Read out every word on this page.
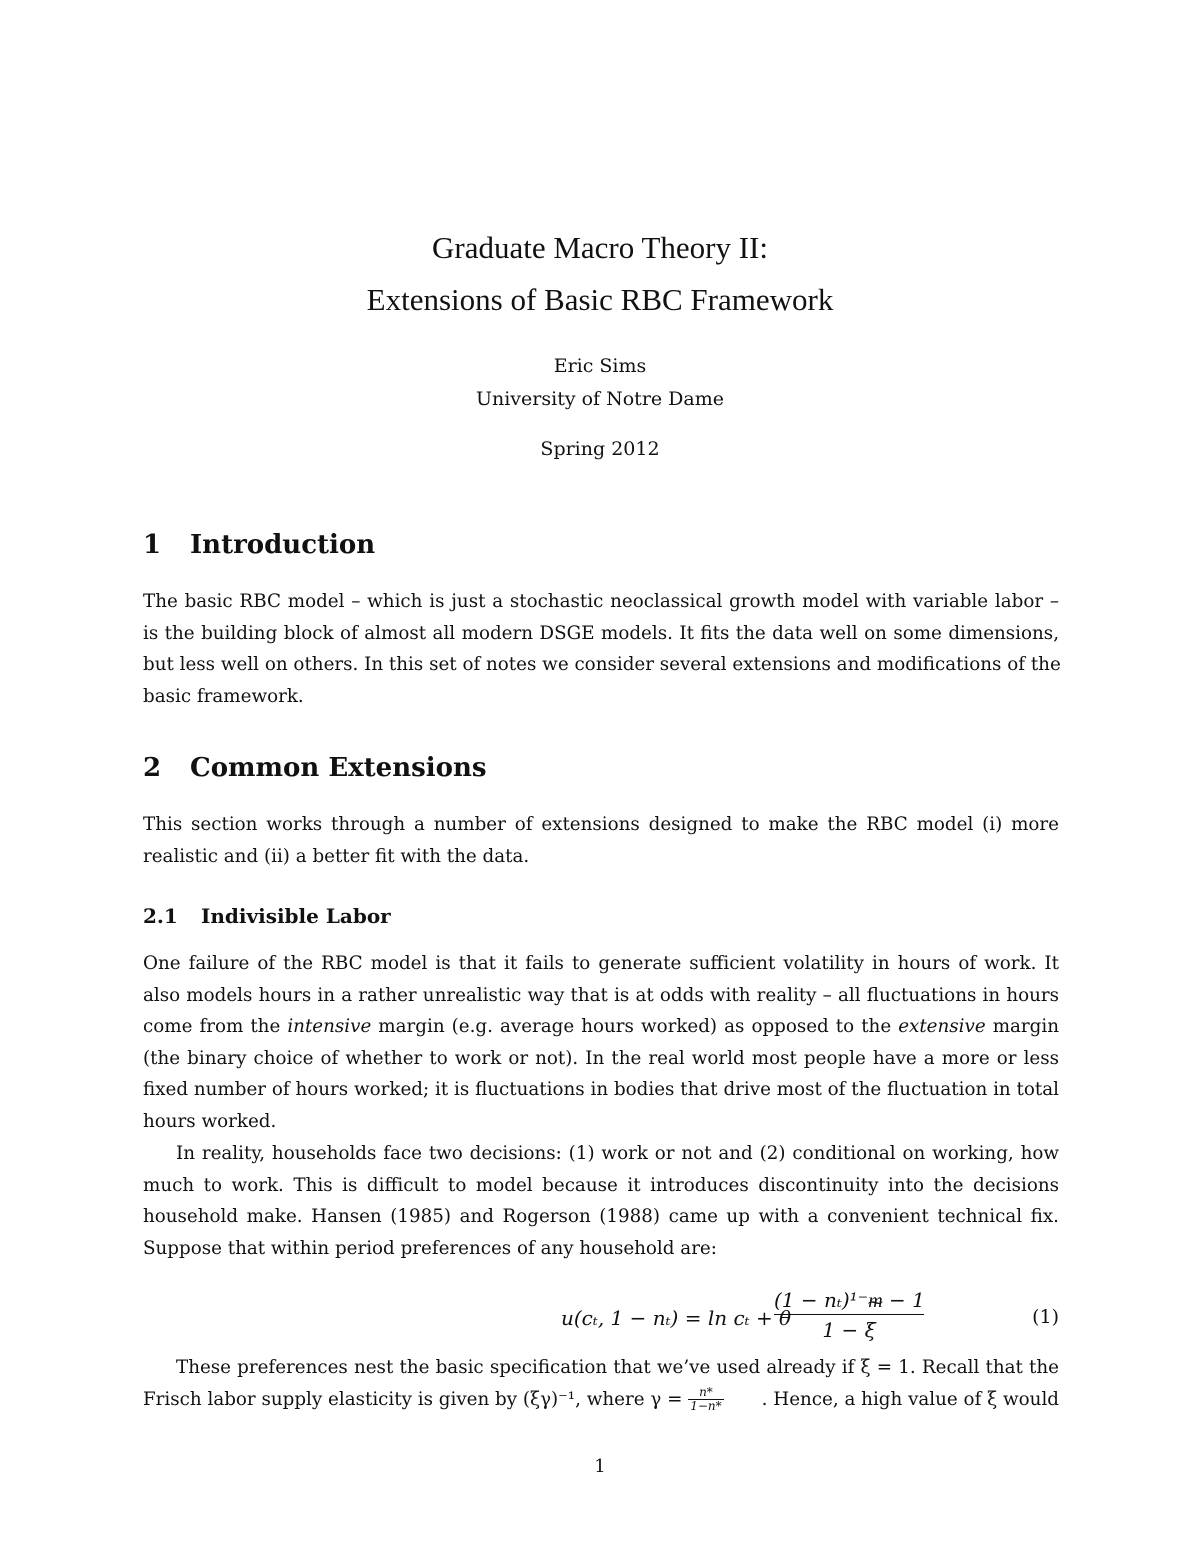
Graduate Macro Theory II:
Extensions of Basic RBC Framework
Eric Sims
University of Notre Dame
Spring 2012
1 Introduction
The basic RBC model – which is just a stochastic neoclassical growth model with variable labor –
is the building block of almost all modern DSGE models. It fits the data well on some dimensions,
but less well on others. In this set of notes we consider several extensions and modifications of the
basic framework.
2 Common Extensions
This section works through a number of extensions designed to make the RBC model (i) more
realistic and (ii) a better fit with the data.
2.1 Indivisible Labor
One failure of the RBC model is that it fails to generate sufficient volatility in hours of work. It
also models hours in a rather unrealistic way that is at odds with reality – all fluctuations in hours
come from the intensive margin (e.g. average hours worked) as opposed to the extensive margin
(the binary choice of whether to work or not). In the real world most people have a more or less
fixed number of hours worked; it is fluctuations in bodies that drive most of the fluctuation in total
hours worked.
In reality, households face two decisions: (1) work or not and (2) conditional on working, how
much to work. This is difficult to model because it introduces discontinuity into the decisions
household make. Hansen (1985) and Rogerson (1988) came up with a convenient technical fix.
Suppose that within period preferences of any household are:
u(cₜ, 1 − nₜ) = ln cₜ + θ
(1 − nₜ)¹⁻ᵯ − 1
1 − ξ
(1)
These preferences nest the basic specification that we’ve used already if ξ = 1. Recall that the
Frisch labor supply elasticity is given by (ξγ)⁻¹, where $\gamma = \frac{n*}{1-n*}$ . Hence, a high value of ξ would
1
